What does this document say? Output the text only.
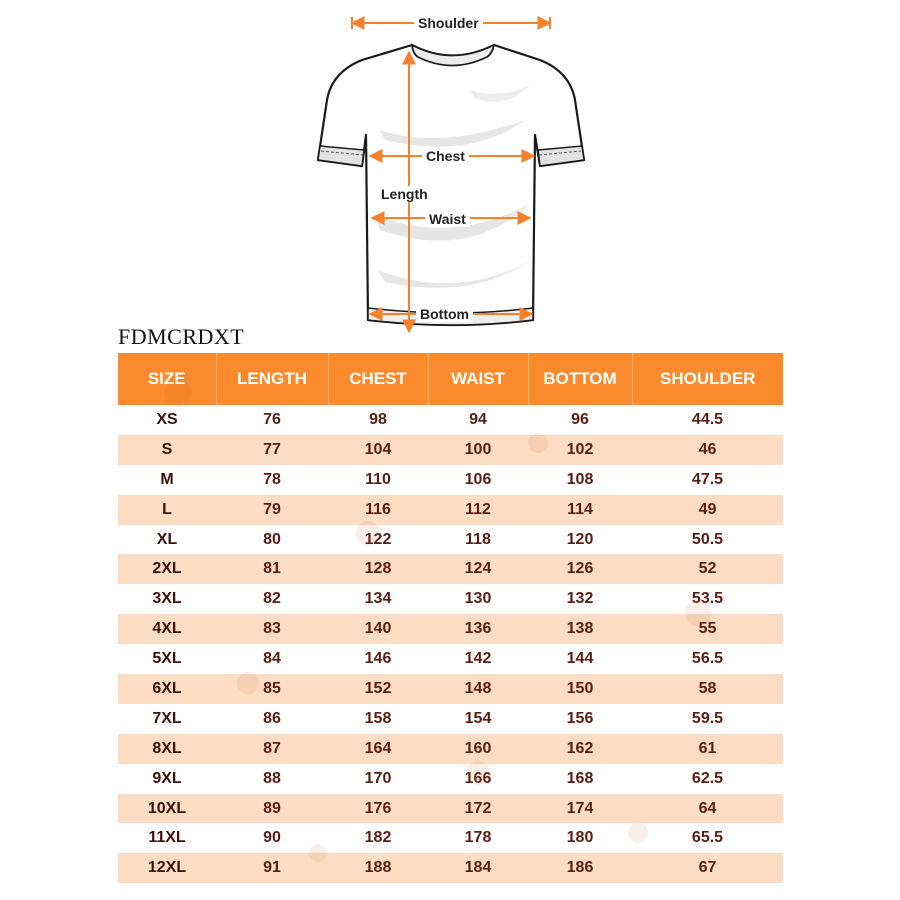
Shoulder
Chest
Length
Waist
Bottom
FDMCRDXT
SIZE	LENGTH	CHEST	WAIST	BOTTOM	SHOULDER
XS	76	98	94	96	44.5
S	77	104	100	102	46
M	78	110	106	108	47.5
L	79	116	112	114	49
XL	80	122	118	120	50.5
2XL	81	128	124	126	52
3XL	82	134	130	132	53.5
4XL	83	140	136	138	55
5XL	84	146	142	144	56.5
6XL	85	152	148	150	58
7XL	86	158	154	156	59.5
8XL	87	164	160	162	61
9XL	88	170	166	168	62.5
10XL	89	176	172	174	64
11XL	90	182	178	180	65.5
12XL	91	188	184	186	67
